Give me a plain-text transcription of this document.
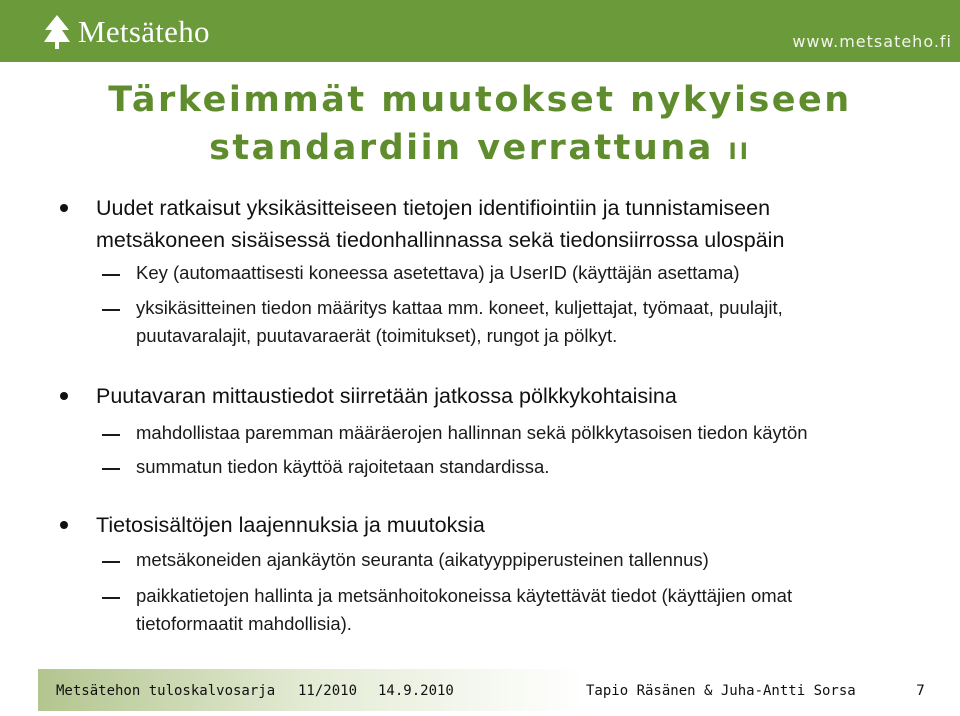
Metsäteho	www.metsateho.fi
Tärkeimmät muutokset nykyiseen
standardiin verrattuna II
Uudet ratkaisut yksikäsitteiseen tietojen identifiointiin ja tunnistamiseen
metsäkoneen sisäisessä tiedonhallinnassa sekä tiedonsiirrossa ulospäin
Key (automaattisesti koneessa asetettava) ja UserID (käyttäjän asettama)
yksikäsitteinen tiedon määritys kattaa mm. koneet, kuljettajat, työmaat, puulajit,
puutavaralajit, puutavaraerät (toimitukset), rungot ja pölkyt.
Puutavaran mittaustiedot siirretään jatkossa pölkkykohtaisina
mahdollistaa paremman määräerojen hallinnan sekä pölkkytasoisen tiedon käytön
summatun tiedon käyttöä rajoitetaan standardissa.
Tietosisältöjen laajennuksia ja muutoksia
metsäkoneiden ajankäytön seuranta (aikatyyppiperusteinen tallennus)
paikkatietojen hallinta ja metsänhoitokoneissa käytettävät tiedot (käyttäjien omat
tietoformaatit mahdollisia).
Metsätehon tuloskalvosarja 11/2010 14.9.2010	Tapio Räsänen & Juha-Antti Sorsa	7
